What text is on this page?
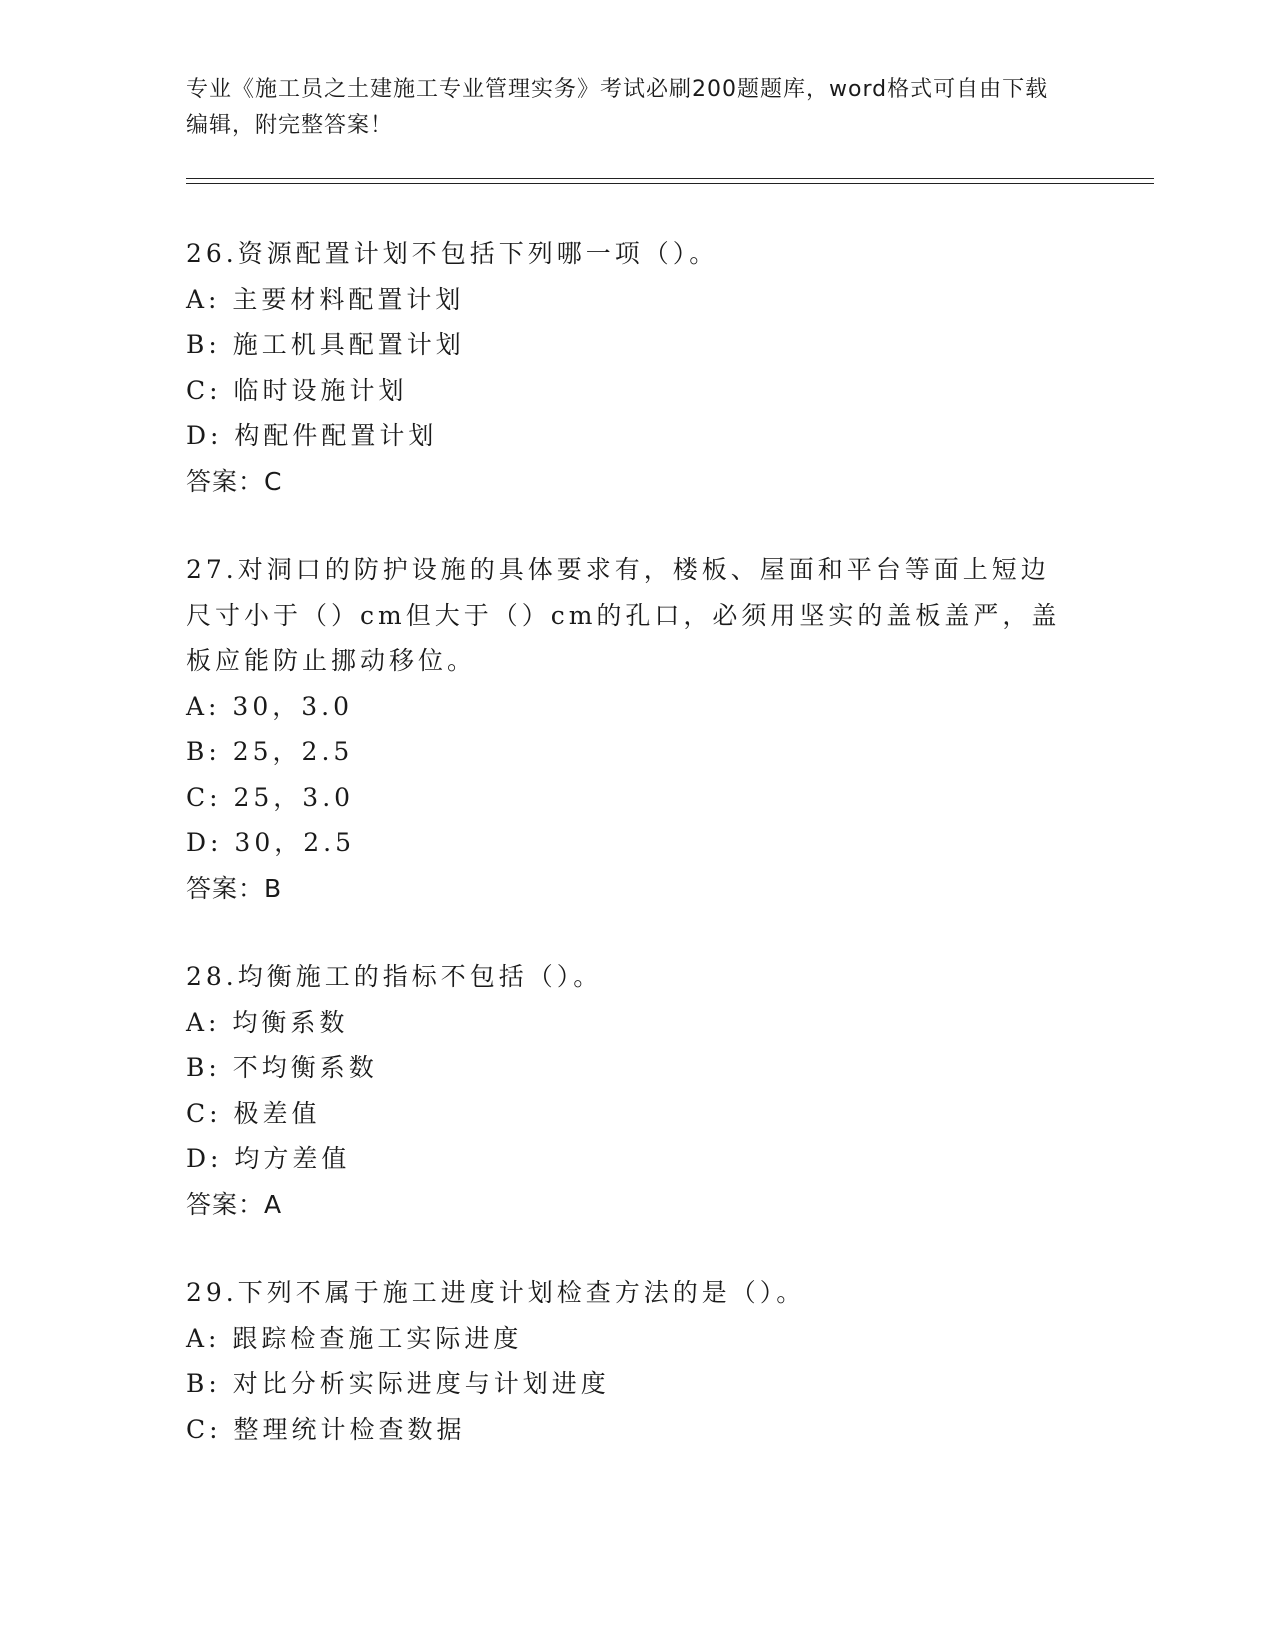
专业《施工员之土建施工专业管理实务》考试必刷200题题库，word格式可自由下载编辑，附完整答案！
26.资源配置计划不包括下列哪一项（）。
A: 主要材料配置计划
B: 施工机具配置计划
C: 临时设施计划
D: 构配件配置计划
答案：C
27.对洞口的防护设施的具体要求有，楼板、屋面和平台等面上短边尺寸小于（）cm但大于（）cm的孔口，必须用坚实的盖板盖严，盖板应能防止挪动移位。
A: 30，3.0
B: 25，2.5
C: 25，3.0
D: 30，2.5
答案：B
28.均衡施工的指标不包括（）。
A: 均衡系数
B: 不均衡系数
C: 极差值
D: 均方差值
答案：A
29.下列不属于施工进度计划检查方法的是（）。
A: 跟踪检查施工实际进度
B: 对比分析实际进度与计划进度
C: 整理统计检查数据
